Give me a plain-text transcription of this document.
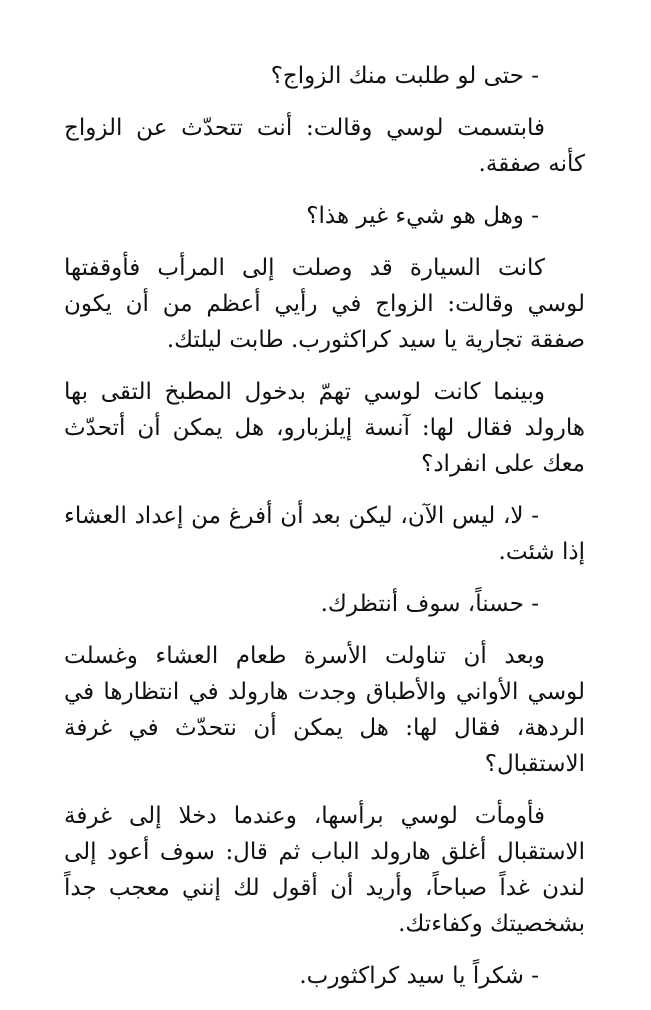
- حتى لو طلبت منك الزواج؟

فابتسمت لوسي وقالت: أنت تتحدّث عن الزواج كأنه صفقة.

- وهل هو شيء غير هذا؟

كانت السيارة قد وصلت إلى المرأب فأوقفتها لوسي وقالت: الزواج في رأيي أعظم من أن يكون صفقة تجارية يا سيد كراكثورب. طابت ليلتك.

وبينما كانت لوسي تهمّ بدخول المطبخ التقى بها هارولد فقال لها: آنسة إيلزبارو، هل يمكن أن أتحدّث معك على انفراد؟

- لا، ليس الآن، ليكن بعد أن أفرغ من إعداد العشاء إذا شئت.

- حسناً، سوف أنتظرك.

وبعد أن تناولت الأسرة طعام العشاء وغسلت لوسي الأواني والأطباق وجدت هارولد في انتظارها في الردهة، فقال لها: هل يمكن أن نتحدّث في غرفة الاستقبال؟

فأومأت لوسي برأسها، وعندما دخلا إلى غرفة الاستقبال أغلق هارولد الباب ثم قال: سوف أعود إلى لندن غداً صباحاً، وأريد أن أقول لك إنني معجب جداً بشخصيتك وكفاءتك.

- شكراً يا سيد كراكثورب.
